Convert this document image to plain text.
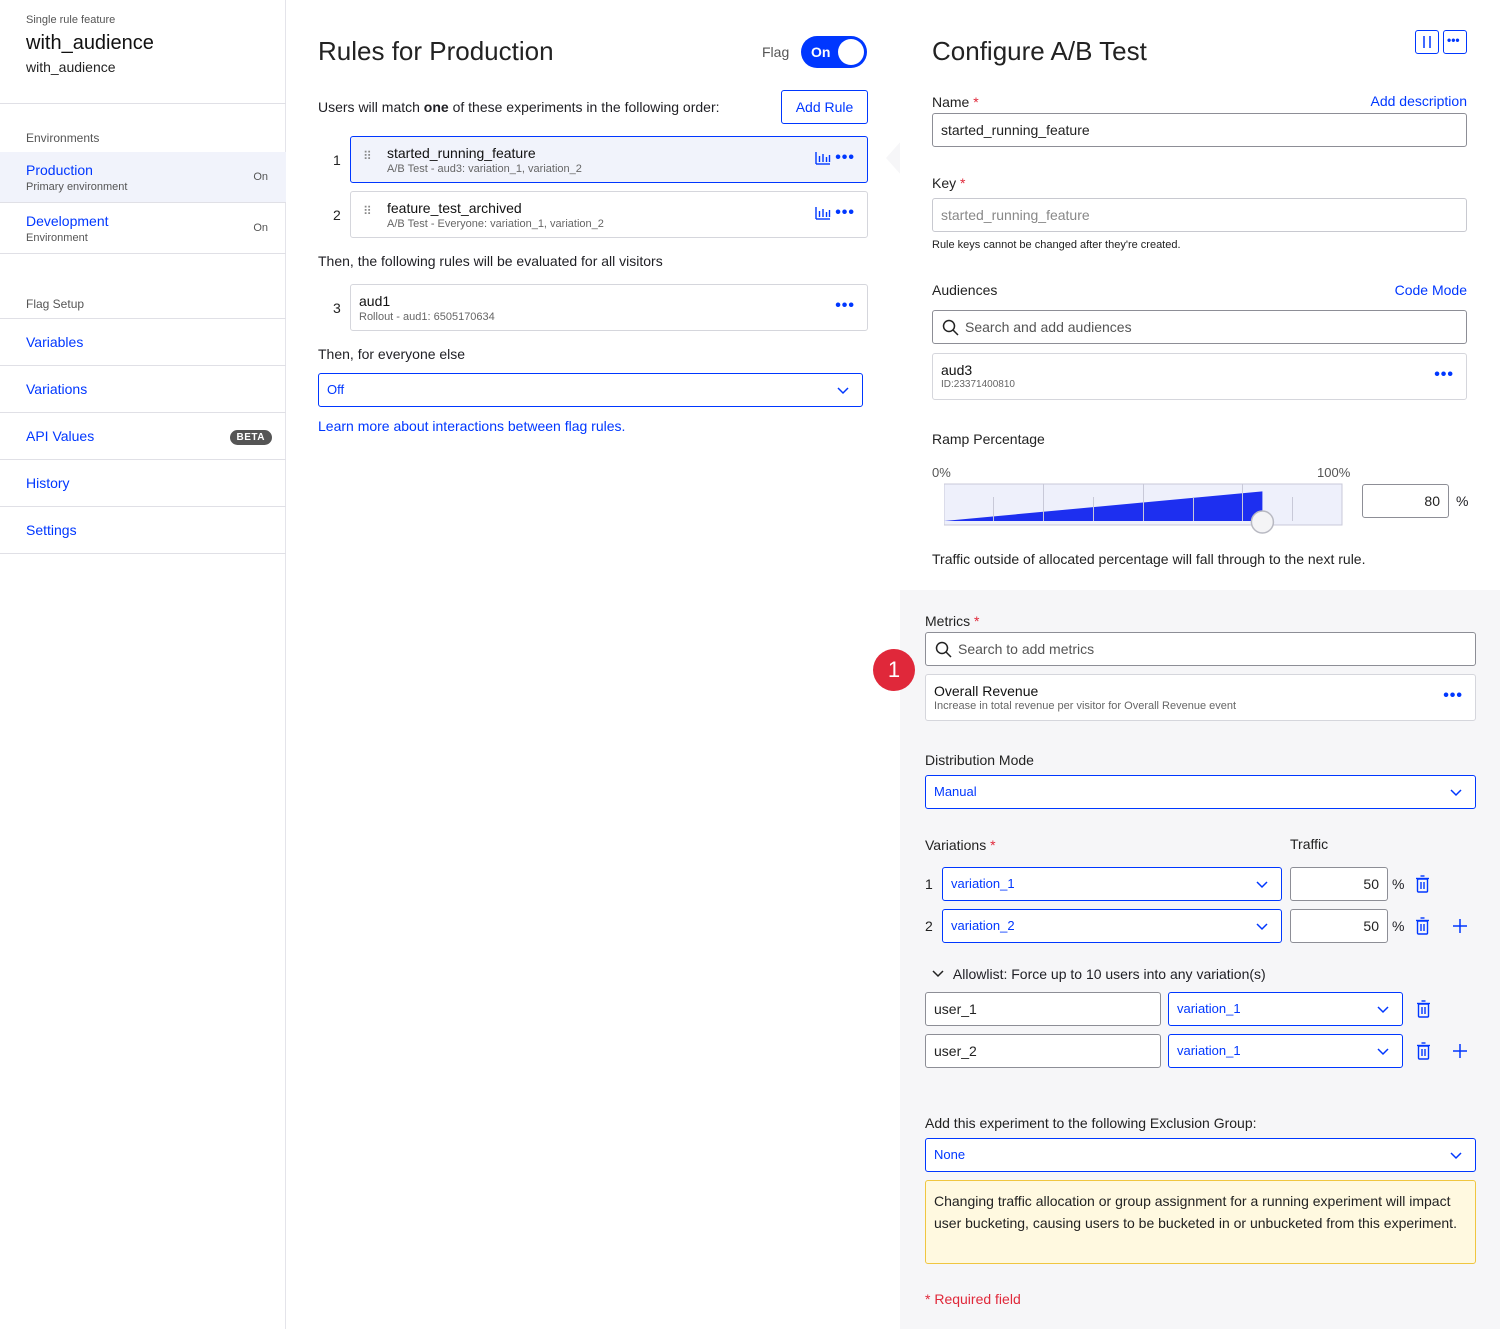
Single rule feature
with_audience
with_audience
Environments
Production
Primary environment
On
Development
Environment
On
Flag Setup
Variables
Variations
API Values	BETA
History
Settings
Rules for Production	Flag On
Users will match one of these experiments in the following order:	Add Rule
1 ⠿ started_running_feature
A/B Test - aud3: variation_1, variation_2
•••
2 ⠿ feature_test_archived
A/B Test - Everyone: variation_1, variation_2
•••
Then, the following rules will be evaluated for all visitors
3 aud1
Rollout - aud1: 6505170634
•••
Then, for everyone else
Off
Learn more about interactions between flag rules.
Configure A/B Test	•••
Name *	Add description
started_running_feature
Key *
started_running_feature
Rule keys cannot be changed after they're created.
Audiences	Code Mode
Search and add audiences
aud3
ID:23371400810
•••
Ramp Percentage
0%	100%
80 %
Traffic outside of allocated percentage will fall through to the next rule.
Metrics *
Search to add metrics
1
Overall Revenue
Increase in total revenue per visitor for Overall Revenue event
•••
Distribution Mode
Manual
Variations *	Traffic
1 variation_1	50 %
2 variation_2	50 %
Allowlist: Force up to 10 users into any variation(s)
user_1	variation_1
user_2	variation_1
Add this experiment to the following Exclusion Group:
None
Changing traffic allocation or group assignment for a running experiment will impact user bucketing, causing users to be bucketed in or unbucketed from this experiment.
* Required field
